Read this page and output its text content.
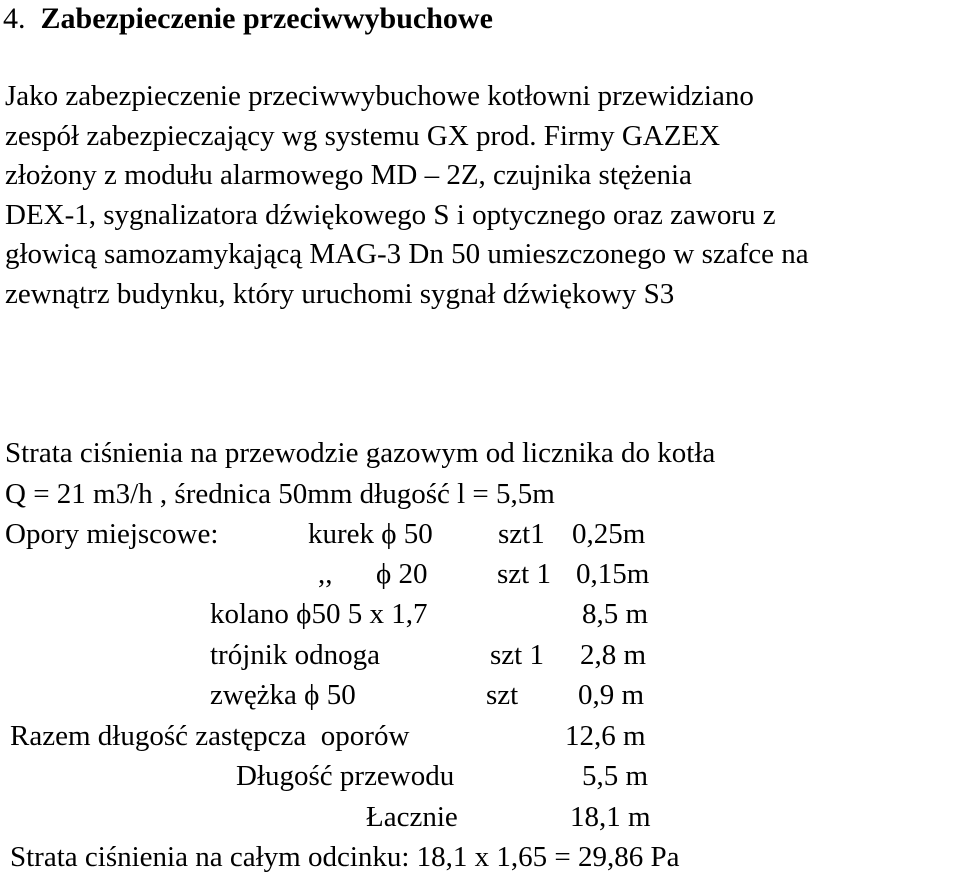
4. Zabezpieczenie przeciwwybuchowe
Jako zabezpieczenie przeciwwybuchowe kotłowni przewidziano
zespół zabezpieczający wg systemu GX prod. Firmy GAZEX
złożony z modułu alarmowego MD – 2Z, czujnika stężenia
DEX-1, sygnalizatora dźwiękowego S i optycznego oraz zaworu z
głowicą samozamykającą MAG-3 Dn 50 umieszczonego w szafce na
zewnątrz budynku, który uruchomi sygnał dźwiękowy S3
Strata ciśnienia na przewodzie gazowym od licznika do kotła
Q = 21 m3/h , średnica 50mm długość l = 5,5m
Opory miejscowe:	kurek ϕ 50 szt1 0,25m
,,      ϕ 20 szt 1 0,15m
kolano ϕ50 5 x 1,7	8,5 m
trójnik odnoga	szt 1 2,8 m
zwężka ϕ 50	szt 0,9 m
Razem długość zastępcza  oporów	12,6 m
Długość przewodu	5,5 m
Łacznie	18,1 m
Strata ciśnienia na całym odcinku: 18,1 x 1,65 = 29,86 Pa
